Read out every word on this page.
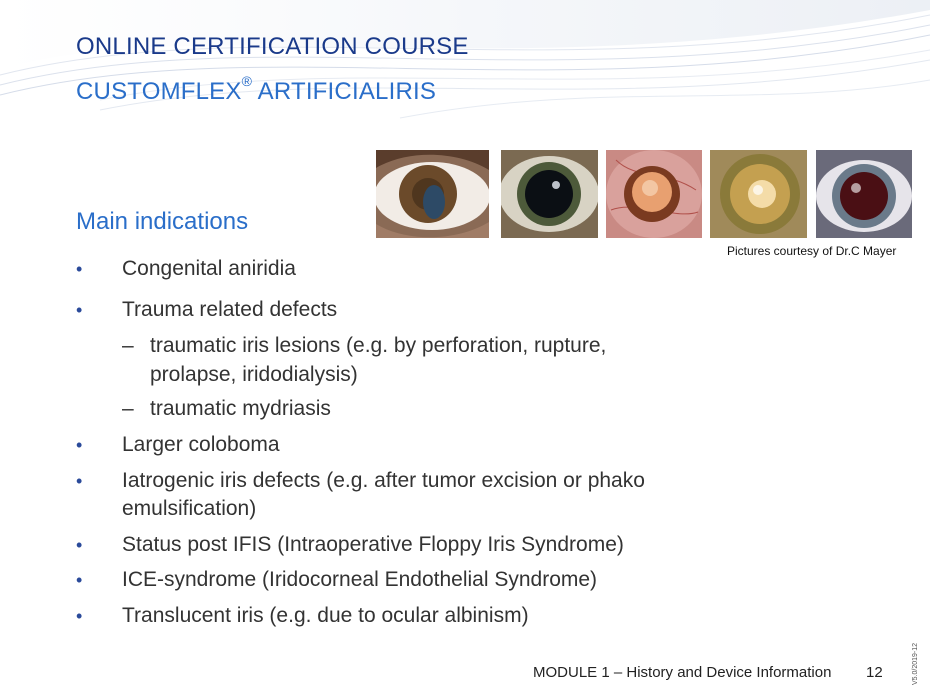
ONLINE CERTIFICATION COURSE
CUSTOMFLEX® ARTIFICIALIRIS
Pictures courtesy of Dr.C Mayer
Main indications
• Congenital aniridia
• Trauma related defects
– traumatic iris lesions (e.g. by perforation, rupture,
prolapse, iridodialysis)
– traumatic mydriasis
• Larger coloboma
• Iatrogenic iris defects (e.g. after tumor excision or phako
emulsification)
• Status post IFIS (Intraoperative Floppy Iris Syndrome)
• ICE-syndrome (Iridocorneal Endothelial Syndrome)
• Translucent iris (e.g. due to ocular albinism)
MODULE 1 – History and Device Information 12	V5.0/2019-12
